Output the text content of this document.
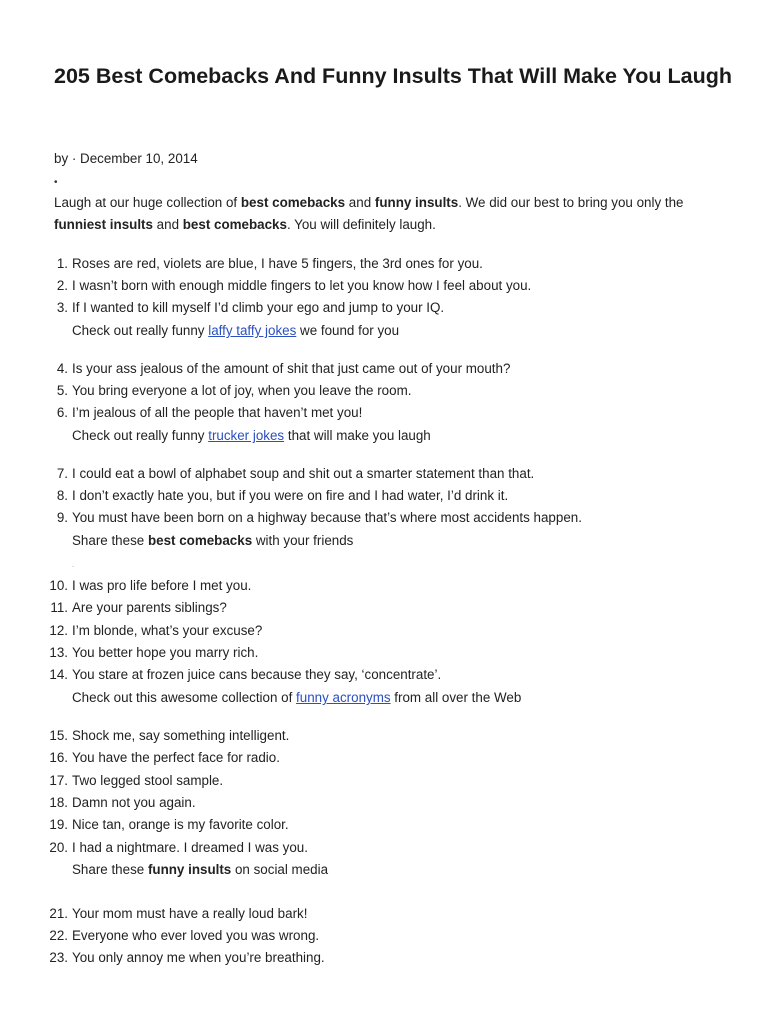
205 Best Comebacks And Funny Insults That Will Make You Laugh
by · December 10, 2014
•

Laugh at our huge collection of best comebacks and funny insults. We did our best to bring you only the funniest insults and best comebacks. You will definitely laugh.

1. Roses are red, violets are blue, I have 5 fingers, the 3rd ones for you.
2. I wasn’t born with enough middle fingers to let you know how I feel about you.
3. If I wanted to kill myself I’d climb your ego and jump to your IQ.
Check out really funny laffy taffy jokes we found for you
4. Is your ass jealous of the amount of shit that just came out of your mouth?
5. You bring everyone a lot of joy, when you leave the room.
6. I’m jealous of all the people that haven’t met you!
Check out really funny trucker jokes that will make you laugh
7. I could eat a bowl of alphabet soup and shit out a smarter statement than that.
8. I don’t exactly hate you, but if you were on fire and I had water, I’d drink it.
9. You must have been born on a highway because that’s where most accidents happen.
Share these best comebacks with your friends
.
10. I was pro life before I met you.
11. Are your parents siblings?
12. I’m blonde, what’s your excuse?
13. You better hope you marry rich.
14. You stare at frozen juice cans because they say, ‘concentrate’.
Check out this awesome collection of funny acronyms from all over the Web
15. Shock me, say something intelligent.
16. You have the perfect face for radio.
17. Two legged stool sample.
18. Damn not you again.
19. Nice tan, orange is my favorite color.
20. I had a nightmare. I dreamed I was you.
Share these funny insults on social media
21. Your mom must have a really loud bark!
22. Everyone who ever loved you was wrong.
23. You only annoy me when you’re breathing.
